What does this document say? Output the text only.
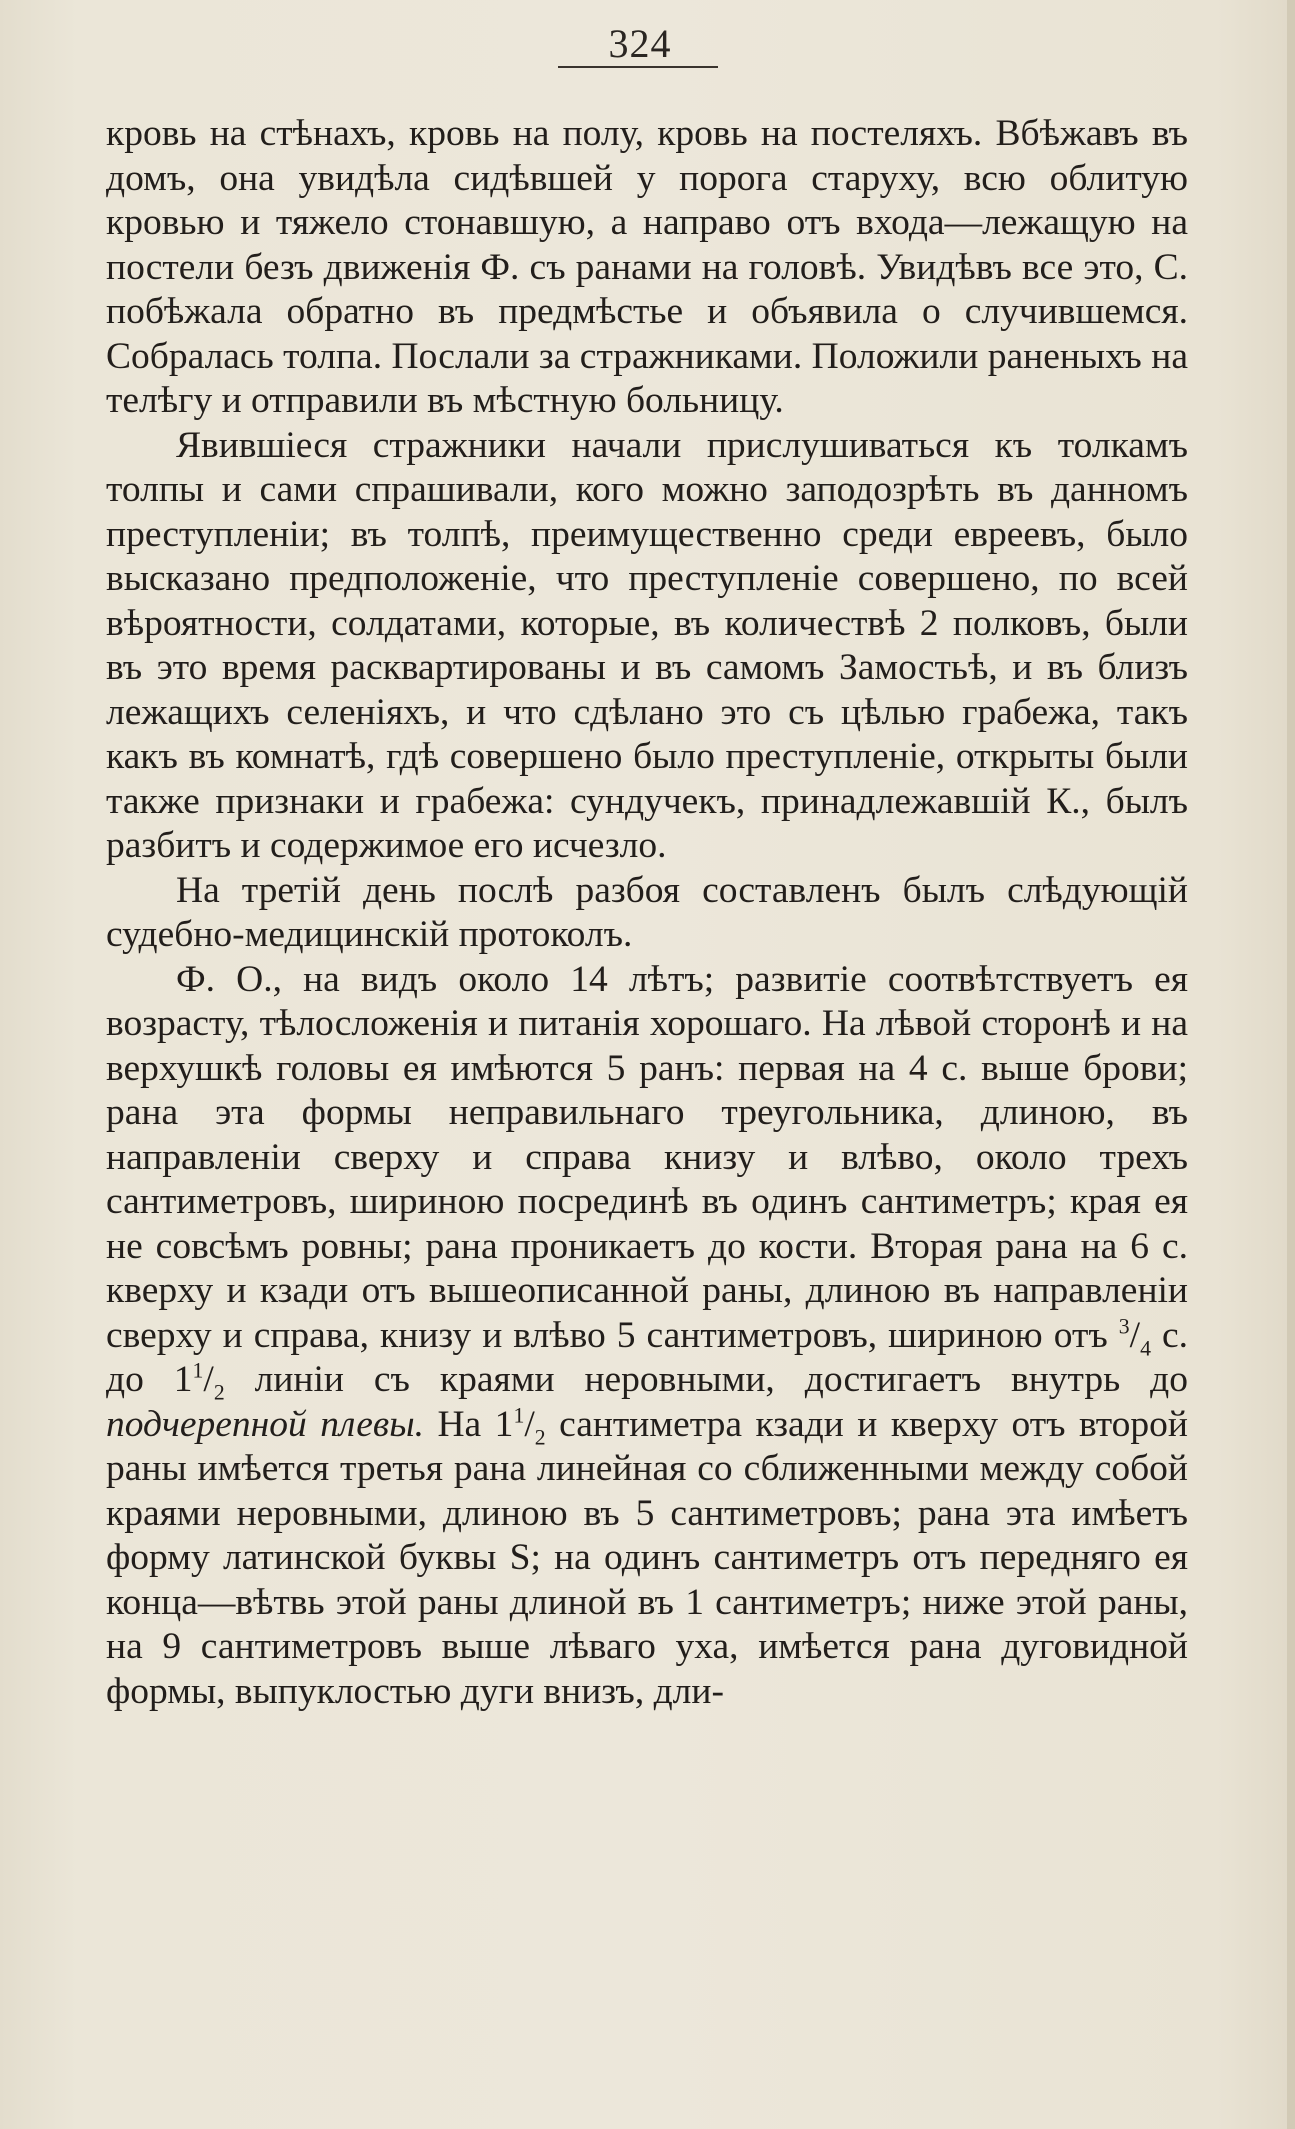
324

кровь на стѣнахъ, кровь на полу, кровь на постеляхъ. Вбѣжавъ въ домъ, она увидѣла сидѣвшей у порога старуху, всю облитую кровью и тяжело стонавшую, а направо отъ входа—лежащую на постели безъ движенія Ф. съ ранами на головѣ. Увидѣвъ все это, С. побѣжала обратно въ предмѣстье и объявила о случившемся. Собралась толпа. Послали за стражниками. Положили раненыхъ на телѣгу и отправили въ мѣстную больницу.

Явившіеся стражники начали прислушиваться къ толкамъ толпы и сами спрашивали, кого можно заподозрѣть въ данномъ преступленіи; въ толпѣ, преимущественно среди евреевъ, было высказано предположеніе, что преступленіе совершено, по всей вѣроятности, солдатами, которые, въ количествѣ 2 полковъ, были въ это время расквартированы и въ самомъ Замостьѣ, и въ близъ лежащихъ селеніяхъ, и что сдѣлано это съ цѣлью грабежа, такъ какъ въ комнатѣ, гдѣ совершено было преступленіе, открыты были также признаки и грабежа: сундучекъ, принадлежавшій К., былъ разбитъ и содержимое его исчезло.

На третій день послѣ разбоя составленъ былъ слѣдующій судебно-медицинскій протоколъ.

Ф. О., на видъ около 14 лѣтъ; развитіе соотвѣтствуетъ ея возрасту, тѣлосложенія и питанія хорошаго. На лѣвой сторонѣ и на верхушкѣ головы ея имѣются 5 ранъ: первая на 4 с. выше брови; рана эта формы неправильнаго треугольника, длиною, въ направленіи сверху и справа книзу и влѣво, около трехъ сантиметровъ, шириною посрединѣ въ одинъ сантиметръ; края ея не совсѣмъ ровны; рана проникаетъ до кости. Вторая рана на 6 с. кверху и кзади отъ вышеописанной раны, длиною въ направленіи сверху и справа, книзу и влѣво 5 сантиметровъ, шириною отъ $^3/_4$ с. до $1^1/_2$ линіи съ краями неровными, достигаетъ внутрь до подчерепной плевы. На $1^1/_2$ сантиметра кзади и кверху отъ второй раны имѣется третья рана линейная со сближенными между собой краями неровными, длиною въ 5 сантиметровъ; рана эта имѣетъ форму латинской буквы S; на одинъ сантиметръ отъ передняго ея конца—вѣтвь этой раны длиной въ 1 сантиметръ; ниже этой раны, на 9 сантиметровъ выше лѣваго уха, имѣется рана дуговидной формы, выпуклостью дуги внизъ, дли-
